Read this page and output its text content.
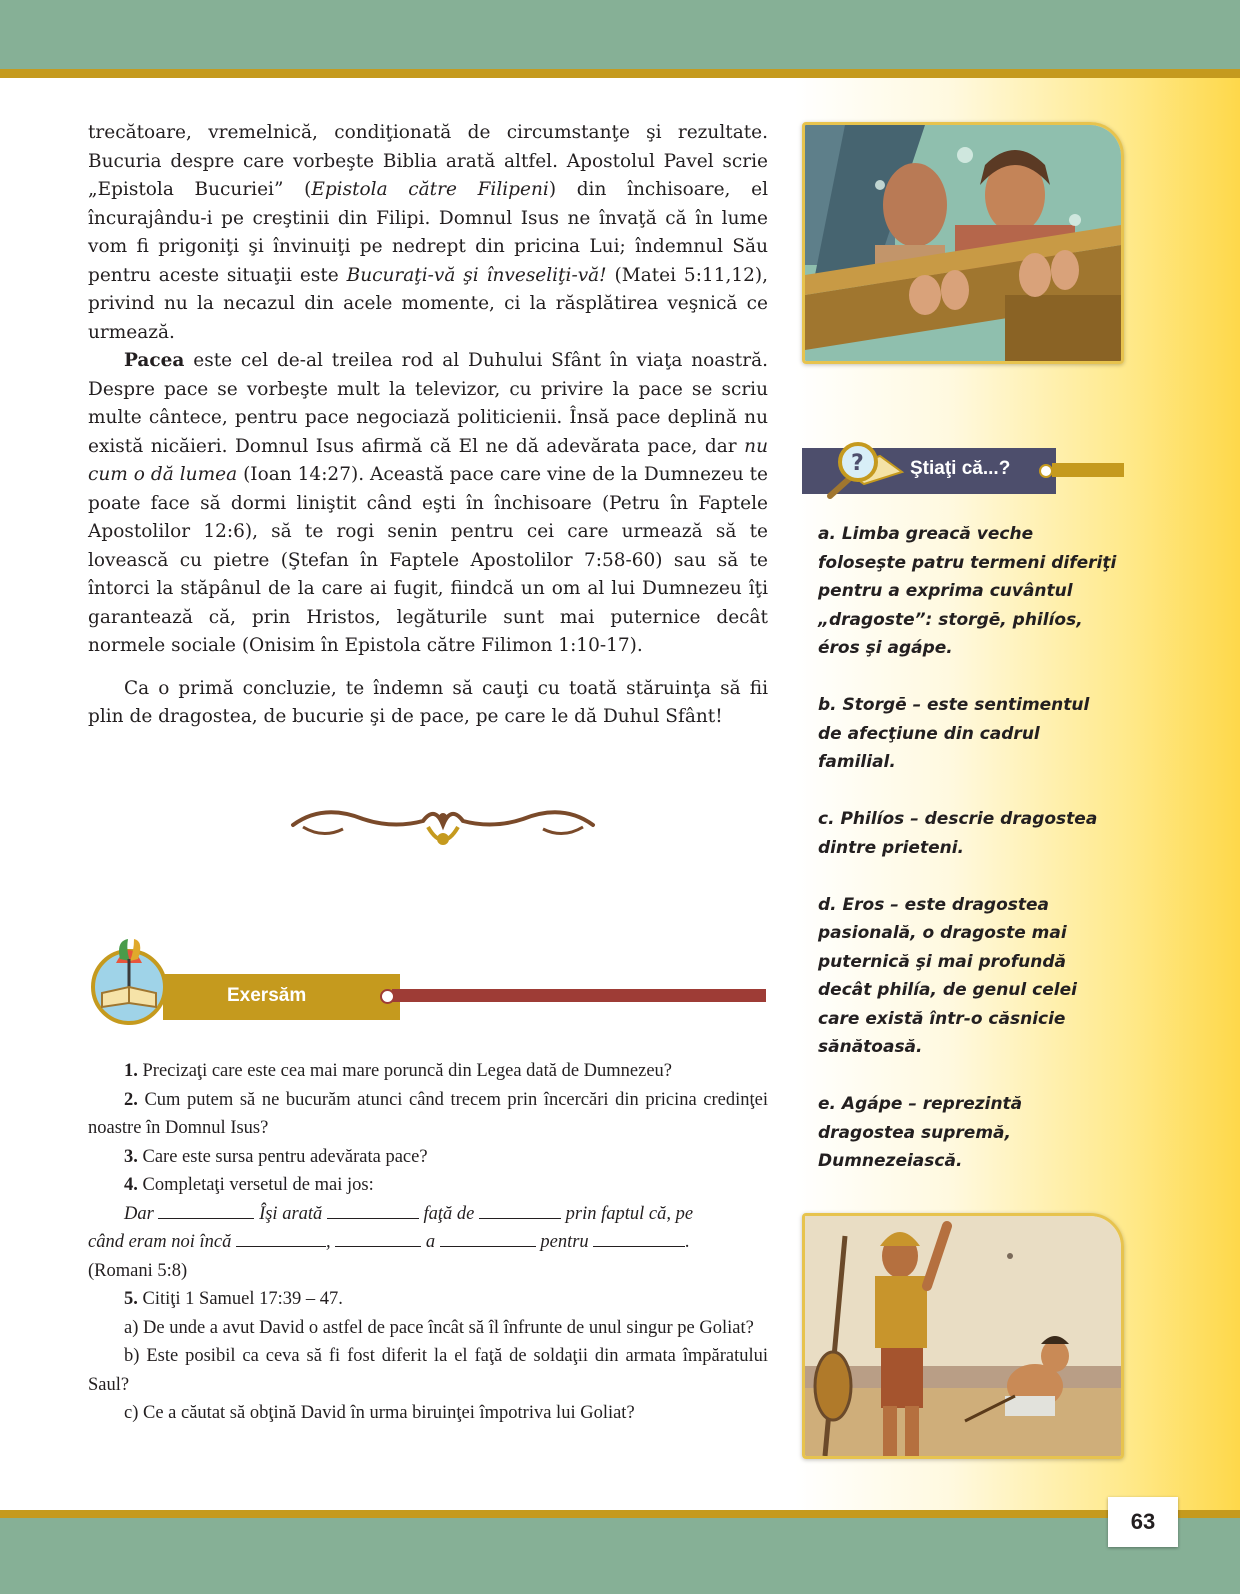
trecătoare, vremelnică, condiţionată de circumstanţe şi rezultate. Bucuria despre care vorbeşte Biblia arată altfel. Apostolul Pavel scrie „Epistola Bucuriei” (Epistola către Filipeni) din închisoare, el încurajându-i pe creştinii din Filipi. Domnul Isus ne învaţă că în lume vom fi prigoniţi şi învinuiţi pe nedrept din pricina Lui; îndemnul Său pentru aceste situaţii este Bucuraţi-vă şi înveseliţi-vă! (Matei 5:11,12), privind nu la necazul din acele momente, ci la răsplătirea veşnică ce urmează.

Pacea este cel de-al treilea rod al Duhului Sfânt în viaţa noastră. Despre pace se vorbeşte mult la televizor, cu privire la pace se scriu multe cântece, pentru pace negociază politicienii. Însă pace deplină nu există nicăieri. Domnul Isus afirmă că El ne dă adevărata pace, dar nu cum o dă lumea (Ioan 14:27). Această pace care vine de la Dumnezeu te poate face să dormi liniştit când eşti în închisoare (Petru în Faptele Apostolilor 12:6), să te rogi senin pentru cei care urmează să te lovească cu pietre (Ştefan în Faptele Apostolilor 7:58-60) sau să te întorci la stăpânul de la care ai fugit, fiindcă un om al lui Dumnezeu îţi garantează că, prin Hristos, legăturile sunt mai puternice decât normele sociale (Onisim în Epistola către Filimon 1:10-17).

Ca o primă concluzie, te îndemn să cauţi cu toată stăruinţa să fii plin de dragostea, de bucurie şi de pace, pe care le dă Duhul Sfânt!

? Ştiaţi că...?

a. Limba greacă veche foloseşte patru termeni diferiţi pentru a exprima cuvântul „dragoste”: storgē, philíos, éros şi agápe.

b. Storgē – este sentimentul de afecţiune din cadrul familial.

c. Philíos – descrie dragostea dintre prieteni.

d. Eros – este dragostea pasională, o dragoste mai puternică şi mai profundă decât philía, de genul celei care există într-o căsnicie sănătoasă.

e. Agápe – reprezintă dragostea supremă, Dumnezeiască.

Exersăm

1. Precizaţi care este cea mai mare poruncă din Legea dată de Dumnezeu?

2. Cum putem să ne bucurăm atunci când trecem prin încercări din pricina credinţei noastre în Domnul Isus?

3. Care este sursa pentru adevărata pace?

4. Completaţi versetul de mai jos:

Dar	Îşi arată	faţă de	prin faptul că, pe

când eram noi încă	,	a	pentru	.

(Romani 5:8)

5. Citiţi 1 Samuel 17:39 – 47.

a) De unde a avut David o astfel de pace încât să îl înfrunte de unul singur pe Goliat?

b) Este posibil ca ceva să fi fost diferit la el faţă de soldaţii din armata împăratului Saul?

c) Ce a căutat să obţină David în urma biruinţei împotriva lui Goliat?

63
